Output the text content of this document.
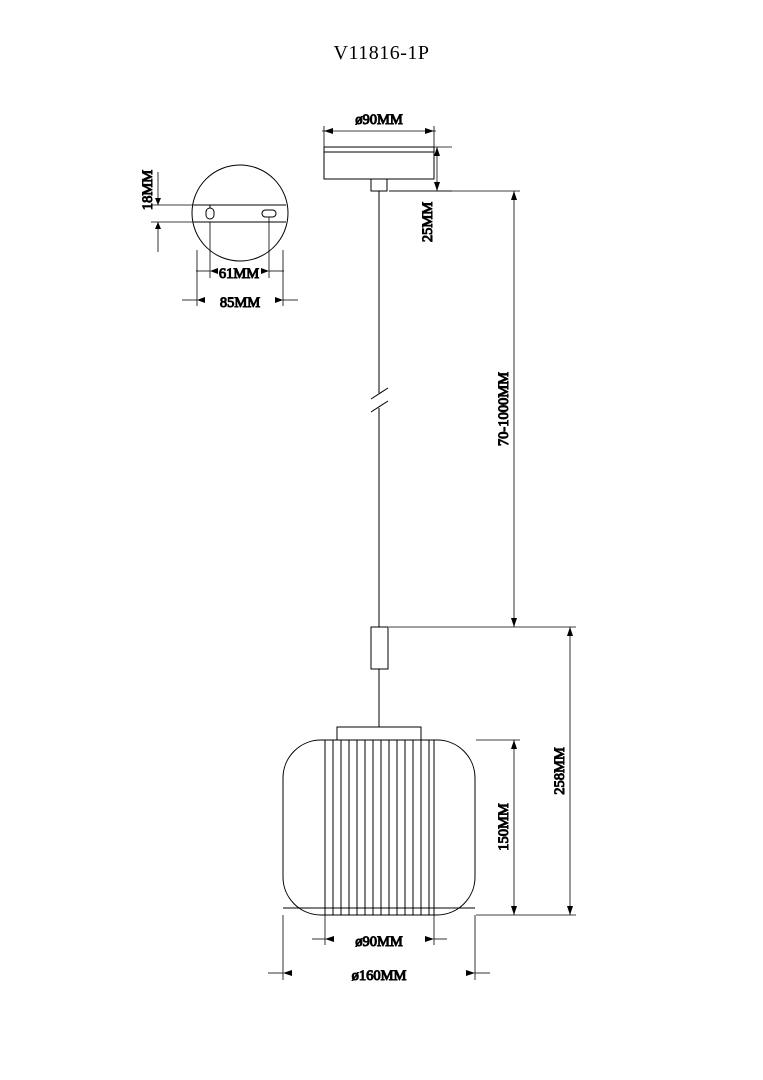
V11816-1P
18MM
61MM
85MM
ø90MM
25MM
70-1000MM
258MM
150MM
ø90MM
ø160MM
